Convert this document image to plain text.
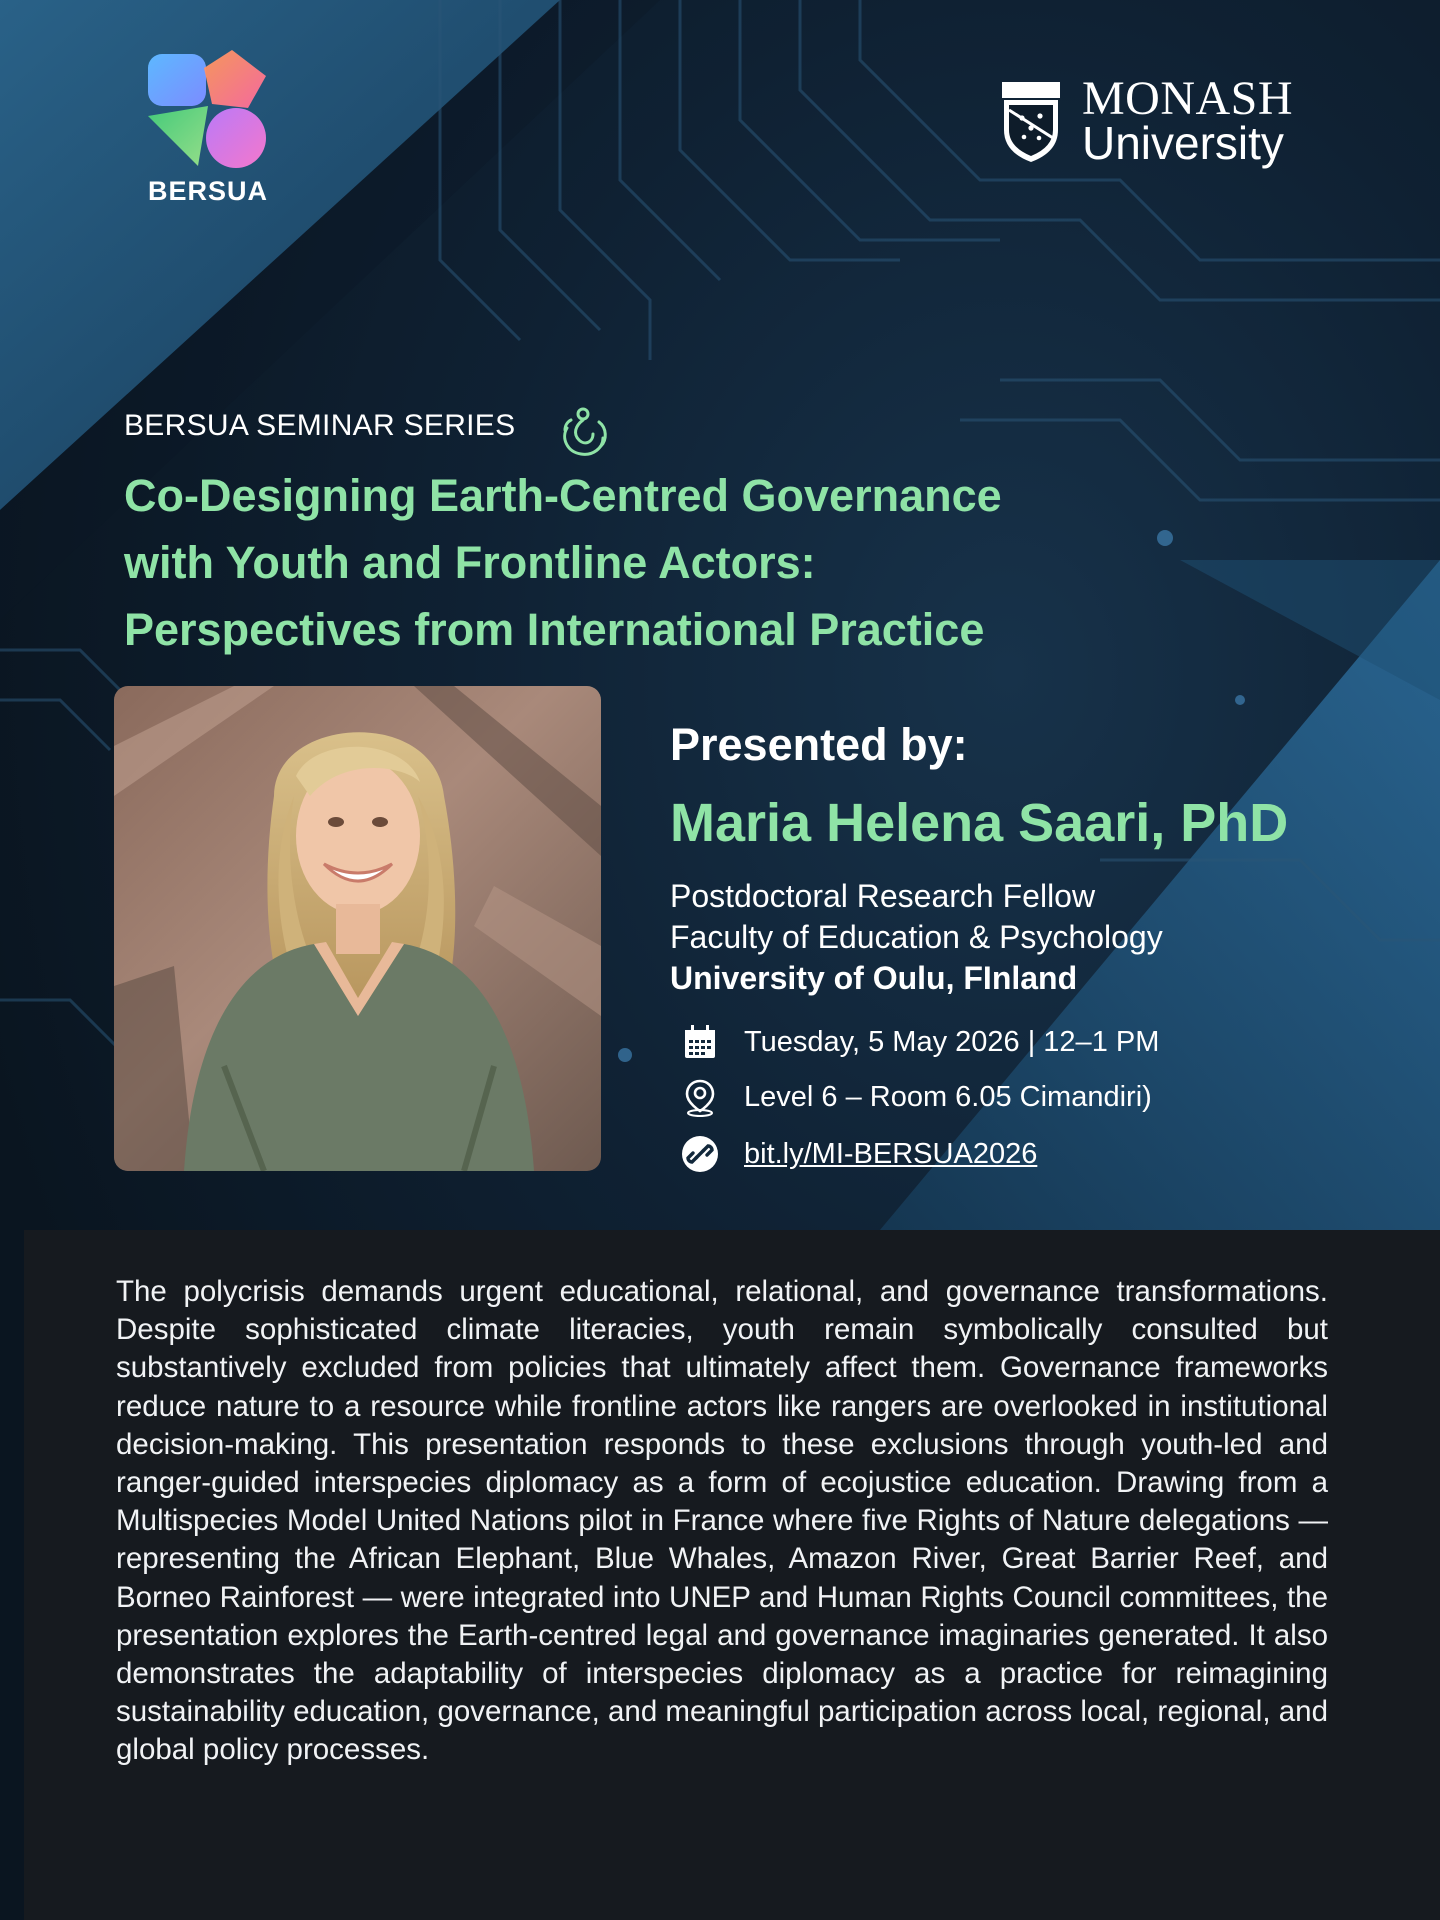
BERSUA
MONASH
University
BERSUA SEMINAR SERIES
Co-Designing Earth-Centred Governance
with Youth and Frontline Actors:
Perspectives from International Practice
Presented by:
Maria Helena Saari, PhD
Postdoctoral Research Fellow
Faculty of Education & Psychology
University of Oulu, FInland
Tuesday, 5 May 2026 | 12–1 PM
Level 6 – Room 6.05 Cimandiri)
bit.ly/MI-BERSUA2026
The polycrisis demands urgent educational, relational, and governance transformations. Despite sophisticated climate literacies, youth remain symbolically consulted but substantively excluded from policies that ultimately affect them. Governance frameworks reduce nature to a resource while frontline actors like rangers are overlooked in institutional decision-making. This presentation responds to these exclusions through youth-led and ranger-guided interspecies diplomacy as a form of ecojustice education. Drawing from a Multispecies Model United Nations pilot in France where five Rights of Nature delegations — representing the African Elephant, Blue Whales, Amazon River, Great Barrier Reef, and Borneo Rainforest — were integrated into UNEP and Human Rights Council committees, the presentation explores the Earth-centred legal and governance imaginaries generated. It also demonstrates the adaptability of interspecies diplomacy as a practice for reimagining sustainability education, governance, and meaningful participation across local, regional, and global policy processes.
